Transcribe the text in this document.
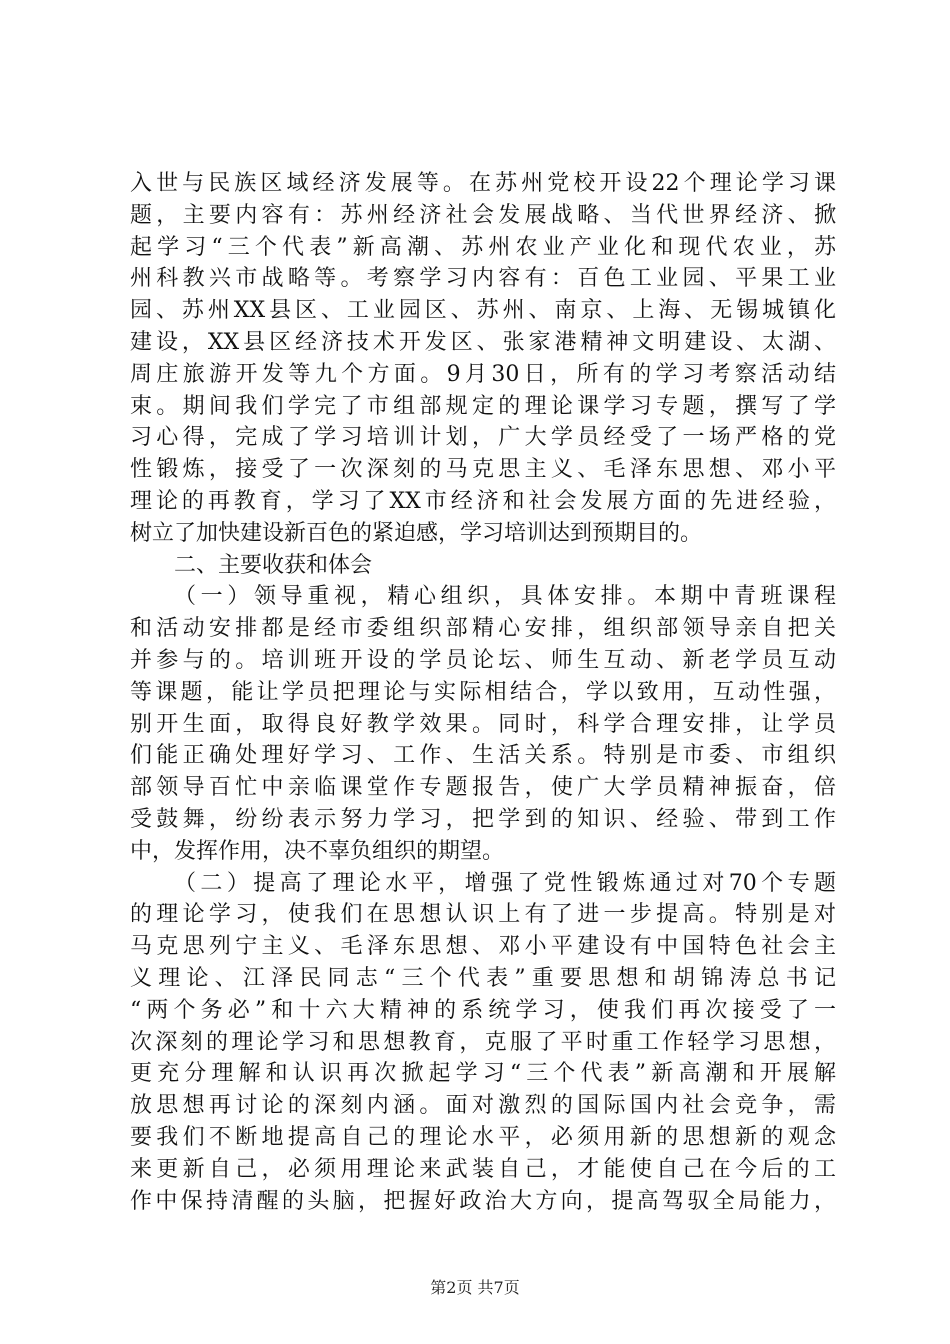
入世与民族区域经济发展等。在苏州党校开设22个理论学习课
题，主要内容有：苏州经济社会发展战略、当代世界经济、掀
起学习“三个代表”新高潮、苏州农业产业化和现代农业，苏
州科教兴市战略等。考察学习内容有：百色工业园、平果工业
园、苏州XX县区、工业园区、苏州、南京、上海、无锡城镇化
建设，XX县区经济技术开发区、张家港精神文明建设、太湖、
周庄旅游开发等九个方面。9月30日，所有的学习考察活动结
束。期间我们学完了市组部规定的理论课学习专题，撰写了学
习心得，完成了学习培训计划，广大学员经受了一场严格的党
性锻炼，接受了一次深刻的马克思主义、毛泽东思想、邓小平
理论的再教育，学习了XX市经济和社会发展方面的先进经验，
树立了加快建设新百色的紧迫感，学习培训达到预期目的。
二、主要收获和体会
（一）领导重视，精心组织，具体安排。本期中青班课程
和活动安排都是经市委组织部精心安排，组织部领导亲自把关
并参与的。培训班开设的学员论坛、师生互动、新老学员互动
等课题，能让学员把理论与实际相结合，学以致用，互动性强，
别开生面，取得良好教学效果。同时，科学合理安排，让学员
们能正确处理好学习、工作、生活关系。特别是市委、市组织
部领导百忙中亲临课堂作专题报告，使广大学员精神振奋，倍
受鼓舞，纷纷表示努力学习，把学到的知识、经验、带到工作
中，发挥作用，决不辜负组织的期望。
（二）提高了理论水平，增强了党性锻炼通过对70个专题
的理论学习，使我们在思想认识上有了进一步提高。特别是对
马克思列宁主义、毛泽东思想、邓小平建设有中国特色社会主
义理论、江泽民同志“三个代表”重要思想和胡锦涛总书记
“两个务必”和十六大精神的系统学习，使我们再次接受了一
次深刻的理论学习和思想教育，克服了平时重工作轻学习思想，
更充分理解和认识再次掀起学习“三个代表”新高潮和开展解
放思想再讨论的深刻内涵。面对激烈的国际国内社会竞争，需
要我们不断地提高自己的理论水平，必须用新的思想新的观念
来更新自己，必须用理论来武装自己，才能使自己在今后的工
作中保持清醒的头脑，把握好政治大方向，提高驾驭全局能力，
第2页 共7页
